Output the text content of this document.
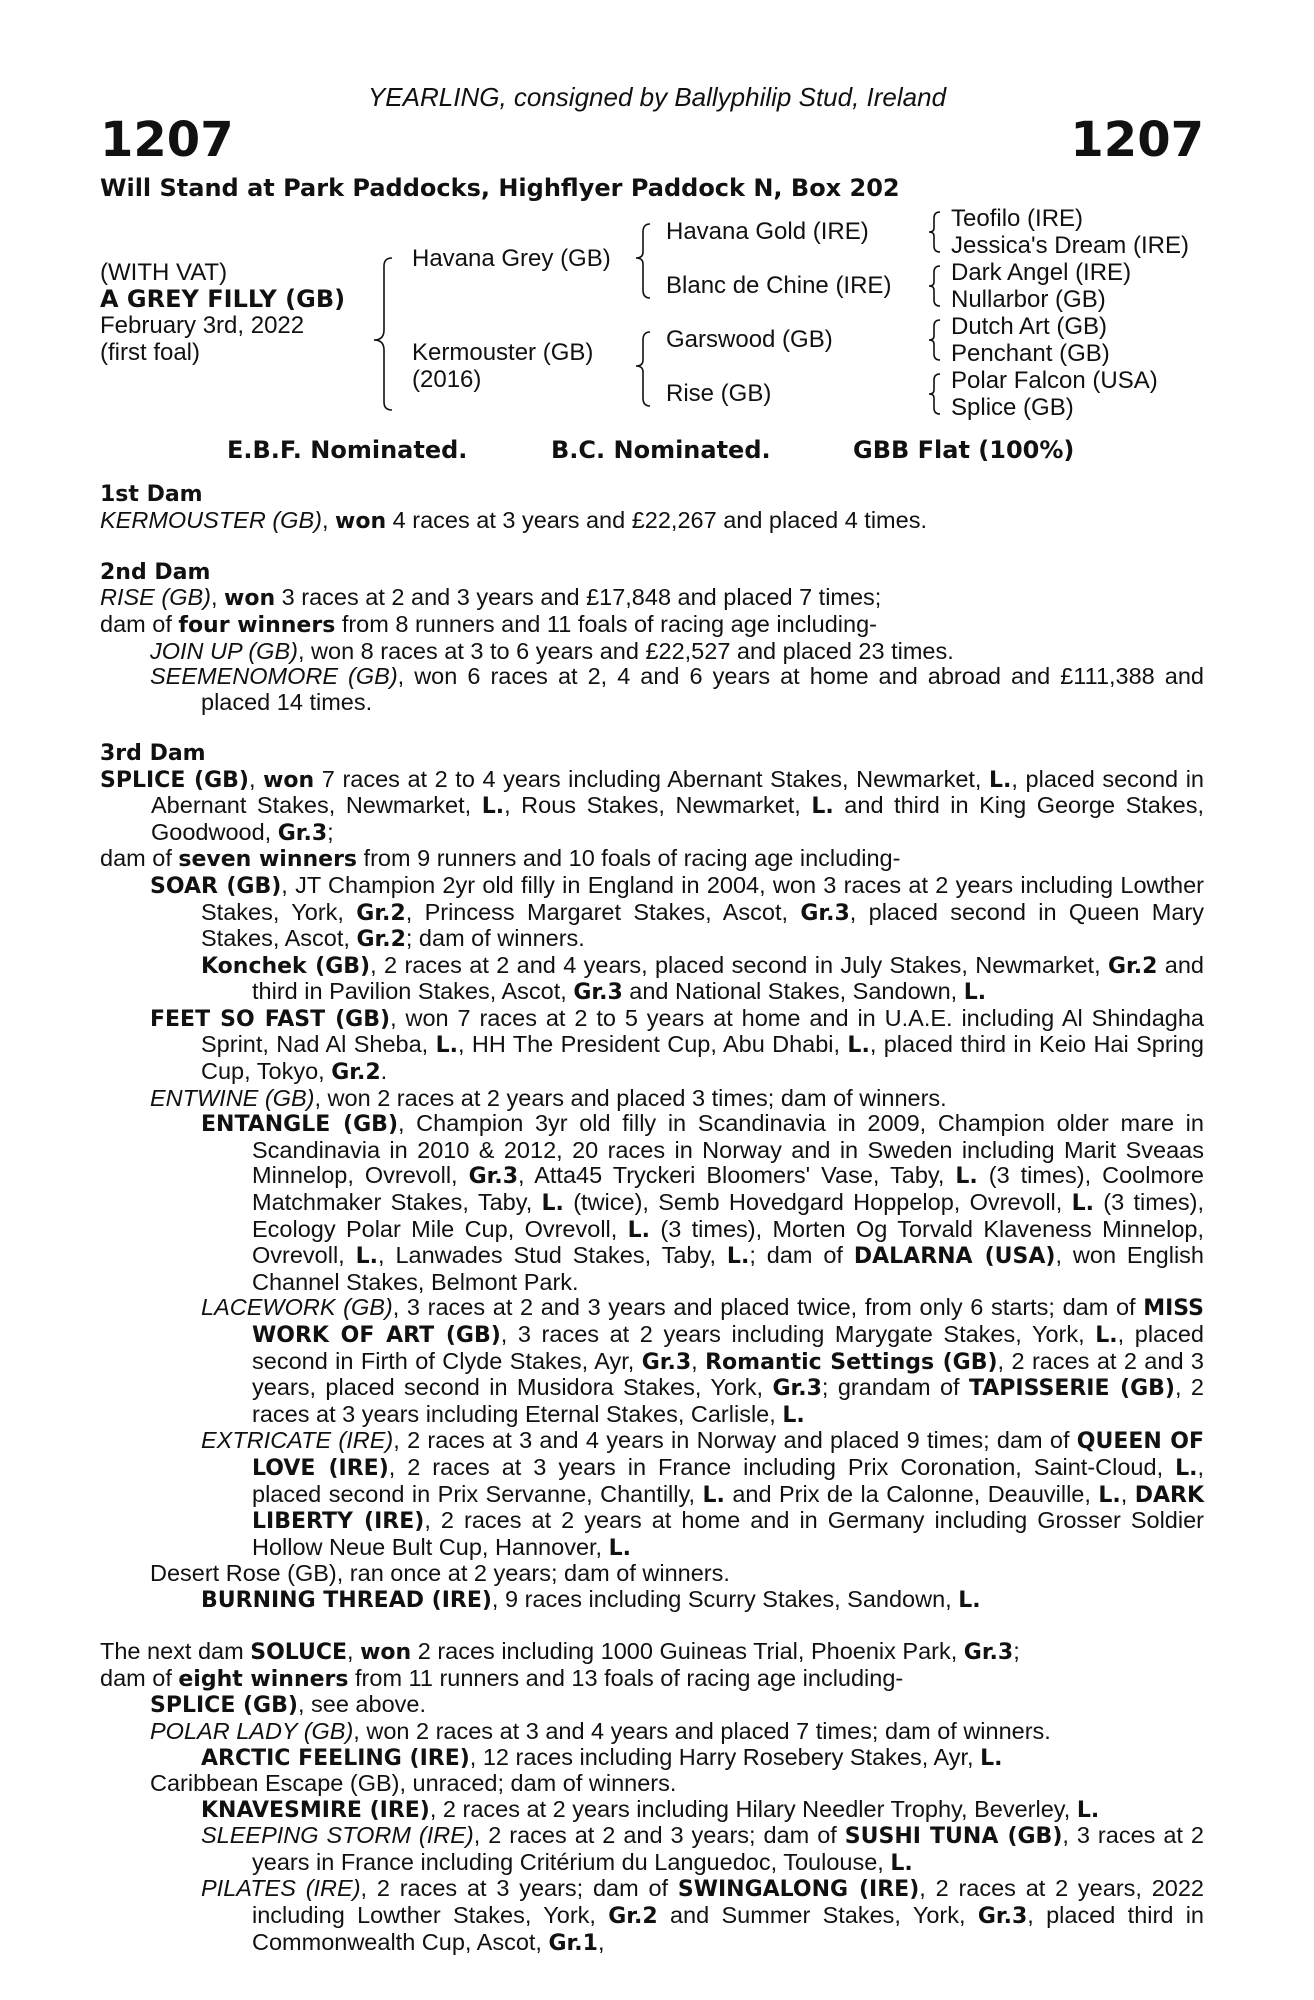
YEARLING, consigned by Ballyphilip Stud, Ireland
1207	1207
Will Stand at Park Paddocks, Highflyer Paddock N, Box 202
(WITH VAT)
A GREY FILLY (GB)
February 3rd, 2022
(first foal)
Havana Grey (GB)
Kermouster (GB)
(2016)
Havana Gold (IRE)
Blanc de Chine (IRE)
Garswood (GB)
Rise (GB)
Teofilo (IRE)
Jessica's Dream (IRE)
Dark Angel (IRE)
Nullarbor (GB)
Dutch Art (GB)
Penchant (GB)
Polar Falcon (USA)
Splice (GB)
E.B.F. Nominated.	B.C. Nominated.	GBB Flat (100%)

1st Dam

KERMOUSTER (GB), won 4 races at 3 years and £22,267 and placed 4 times.

2nd Dam

RISE (GB), won 3 races at 2 and 3 years and £17,848 and placed 7 times;

dam of four winners from 8 runners and 11 foals of racing age including-

JOIN UP (GB), won 8 races at 3 to 6 years and £22,527 and placed 23 times.

SEEMENOMORE (GB), won 6 races at 2, 4 and 6 years at home and abroad and £111,388 and placed 14 times.

3rd Dam

SPLICE (GB), won 7 races at 2 to 4 years including Abernant Stakes, Newmarket, L., placed second in Abernant Stakes, Newmarket, L., Rous Stakes, Newmarket, L. and third in King George Stakes, Goodwood, Gr.3;

dam of seven winners from 9 runners and 10 foals of racing age including-

SOAR (GB), JT Champion 2yr old filly in England in 2004, won 3 races at 2 years including Lowther Stakes, York, Gr.2, Princess Margaret Stakes, Ascot, Gr.3, placed second in Queen Mary Stakes, Ascot, Gr.2; dam of winners.

Konchek (GB), 2 races at 2 and 4 years, placed second in July Stakes, Newmarket, Gr.2 and third in Pavilion Stakes, Ascot, Gr.3 and National Stakes, Sandown, L.

FEET SO FAST (GB), won 7 races at 2 to 5 years at home and in U.A.E. including Al Shindagha Sprint, Nad Al Sheba, L., HH The President Cup, Abu Dhabi, L., placed third in Keio Hai Spring Cup, Tokyo, Gr.2.

ENTWINE (GB), won 2 races at 2 years and placed 3 times; dam of winners.

ENTANGLE (GB), Champion 3yr old filly in Scandinavia in 2009, Champion older mare in Scandinavia in 2010 & 2012, 20 races in Norway and in Sweden including Marit Sveaas Minnelop, Ovrevoll, Gr.3, Atta45 Tryckeri Bloomers' Vase, Taby, L. (3 times), Coolmore Matchmaker Stakes, Taby, L. (twice), Semb Hovedgard Hoppelop, Ovrevoll, L. (3 times), Ecology Polar Mile Cup, Ovrevoll, L. (3 times), Morten Og Torvald Klaveness Minnelop, Ovrevoll, L., Lanwades Stud Stakes, Taby, L.; dam of DALARNA (USA), won English Channel Stakes, Belmont Park.

LACEWORK (GB), 3 races at 2 and 3 years and placed twice, from only 6 starts; dam of MISS WORK OF ART (GB), 3 races at 2 years including Marygate Stakes, York, L., placed second in Firth of Clyde Stakes, Ayr, Gr.3, Romantic Settings (GB), 2 races at 2 and 3 years, placed second in Musidora Stakes, York, Gr.3; grandam of TAPISSERIE (GB), 2 races at 3 years including Eternal Stakes, Carlisle, L.

EXTRICATE (IRE), 2 races at 3 and 4 years in Norway and placed 9 times; dam of QUEEN OF LOVE (IRE), 2 races at 3 years in France including Prix Coronation, Saint-Cloud, L., placed second in Prix Servanne, Chantilly, L. and Prix de la Calonne, Deauville, L., DARK LIBERTY (IRE), 2 races at 2 years at home and in Germany including Grosser Soldier Hollow Neue Bult Cup, Hannover, L.

Desert Rose (GB), ran once at 2 years; dam of winners.

BURNING THREAD (IRE), 9 races including Scurry Stakes, Sandown, L.

The next dam SOLUCE, won 2 races including 1000 Guineas Trial, Phoenix Park, Gr.3;

dam of eight winners from 11 runners and 13 foals of racing age including-

SPLICE (GB), see above.

POLAR LADY (GB), won 2 races at 3 and 4 years and placed 7 times; dam of winners.

ARCTIC FEELING (IRE), 12 races including Harry Rosebery Stakes, Ayr, L.

Caribbean Escape (GB), unraced; dam of winners.

KNAVESMIRE (IRE), 2 races at 2 years including Hilary Needler Trophy, Beverley, L.

SLEEPING STORM (IRE), 2 races at 2 and 3 years; dam of SUSHI TUNA (GB), 3 races at 2 years in France including Critérium du Languedoc, Toulouse, L.

PILATES (IRE), 2 races at 3 years; dam of SWINGALONG (IRE), 2 races at 2 years, 2022 including Lowther Stakes, York, Gr.2 and Summer Stakes, York, Gr.3, placed third in Commonwealth Cup, Ascot, Gr.1,
